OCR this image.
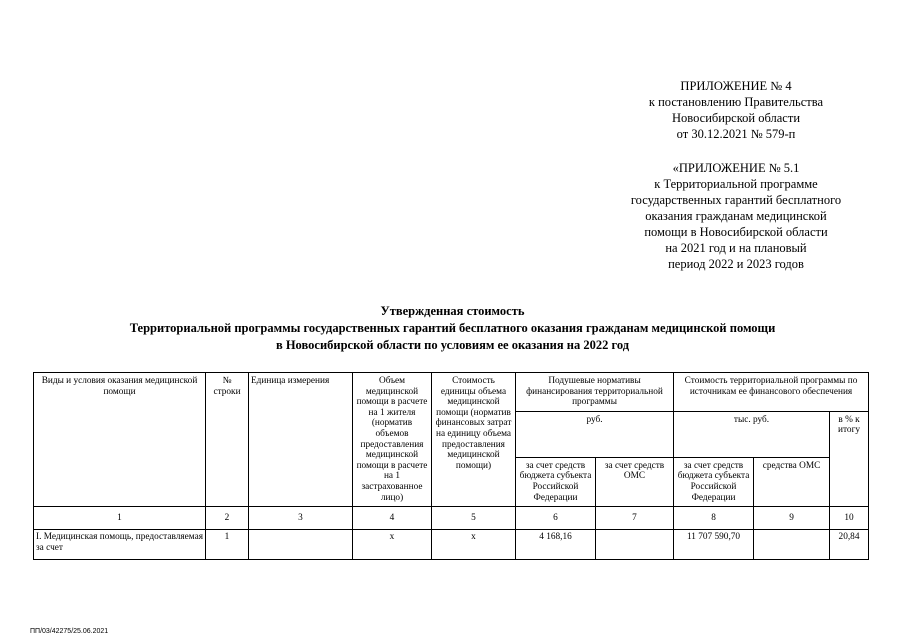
ПРИЛОЖЕНИЕ № 4
к постановлению Правительства
Новосибирской области
от 30.12.2021 № 579-п
«ПРИЛОЖЕНИЕ № 5.1
к Территориальной программе
государственных гарантий бесплатного
оказания гражданам медицинской
помощи в Новосибирской области
на 2021 год и на плановый
период 2022 и 2023 годов
Утвержденная стоимость
Территориальной программы государственных гарантий бесплатного оказания гражданам медицинской помощи
в Новосибирской области по условиям ее оказания на 2022 год
Виды и условия оказания медицинской помощи	№ строки	Единица измерения	Объем медицинской помощи в расчете на 1 жителя (норматив объемов предоставления медицинской помощи в расчете на 1 застрахованное лицо)	Стоимость единицы объема медицинской помощи (норматив финансовых затрат на единицу объема предоставления медицинской помощи)	Подушевые нормативы финансирования территориальной программы		Стоимость территориальной программы по источникам ее финансового обеспечения		
					руб.		тыс. руб.		в % к итогу
					за счет средств бюджета субъекта Российской Федерации	за счет средств ОМС	за счет средств бюджета субъекта Российской Федерации	средства ОМС	
1	2	3	4	5	6	7	8	9	10
I. Медицинская помощь, предоставляемая за счет	1		х	х	4 168,16		11 707 590,70		20,84
ПП/03/42275/25.06.2021
